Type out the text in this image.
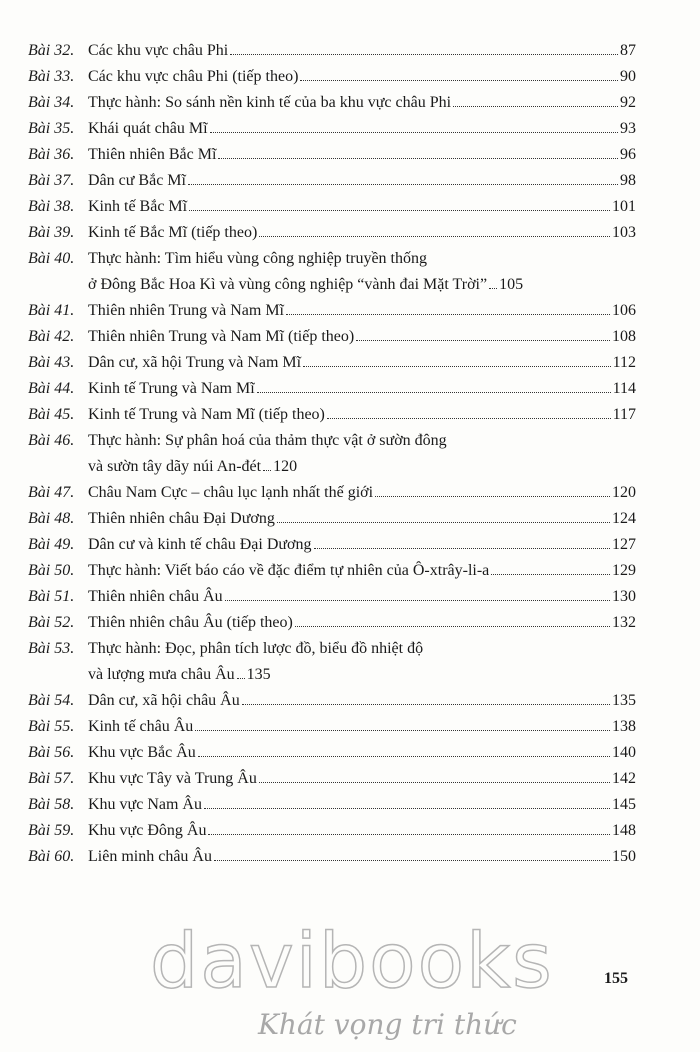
Bài 32. Các khu vực châu Phi	87
Bài 33. Các khu vực châu Phi (tiếp theo)	90
Bài 34. Thực hành: So sánh nền kinh tế của ba khu vực châu Phi	92
Bài 35. Khái quát châu Mĩ	93
Bài 36. Thiên nhiên Bắc Mĩ	96
Bài 37. Dân cư Bắc Mĩ	98
Bài 38. Kinh tế Bắc Mĩ	101
Bài 39. Kinh tế Bắc Mĩ (tiếp theo)	103
Bài 40. Thực hành: Tìm hiểu vùng công nghiệp truyền thống
ở Đông Bắc Hoa Kì và vùng công nghiệp “vành đai Mặt Trời” 105
Bài 41. Thiên nhiên Trung và Nam Mĩ	106
Bài 42. Thiên nhiên Trung và Nam Mĩ (tiếp theo)	108
Bài 43. Dân cư, xã hội Trung và Nam Mĩ	112
Bài 44. Kinh tế Trung và Nam Mĩ	114
Bài 45. Kinh tế Trung và Nam Mĩ (tiếp theo)	117
Bài 46. Thực hành: Sự phân hoá của thảm thực vật ở sườn đông
và sườn tây dãy núi An-đét 120
Bài 47. Châu Nam Cực – châu lục lạnh nhất thế giới	120
Bài 48. Thiên nhiên châu Đại Dương	124
Bài 49. Dân cư và kinh tế châu Đại Dương	127
Bài 50. Thực hành: Viết báo cáo về đặc điểm tự nhiên của Ô-xtrây-li-a	129
Bài 51. Thiên nhiên châu Âu	130
Bài 52. Thiên nhiên châu Âu (tiếp theo)	132
Bài 53. Thực hành: Đọc, phân tích lược đồ, biểu đồ nhiệt độ
và lượng mưa châu Âu 135
Bài 54. Dân cư, xã hội châu Âu	135
Bài 55. Kinh tế châu Âu	138
Bài 56. Khu vực Bắc Âu	140
Bài 57. Khu vực Tây và Trung Âu	142
Bài 58. Khu vực Nam Âu	145
Bài 59. Khu vực Đông Âu	148
Bài 60. Liên minh châu Âu	150
155
davibooks
Khát vọng tri thức
